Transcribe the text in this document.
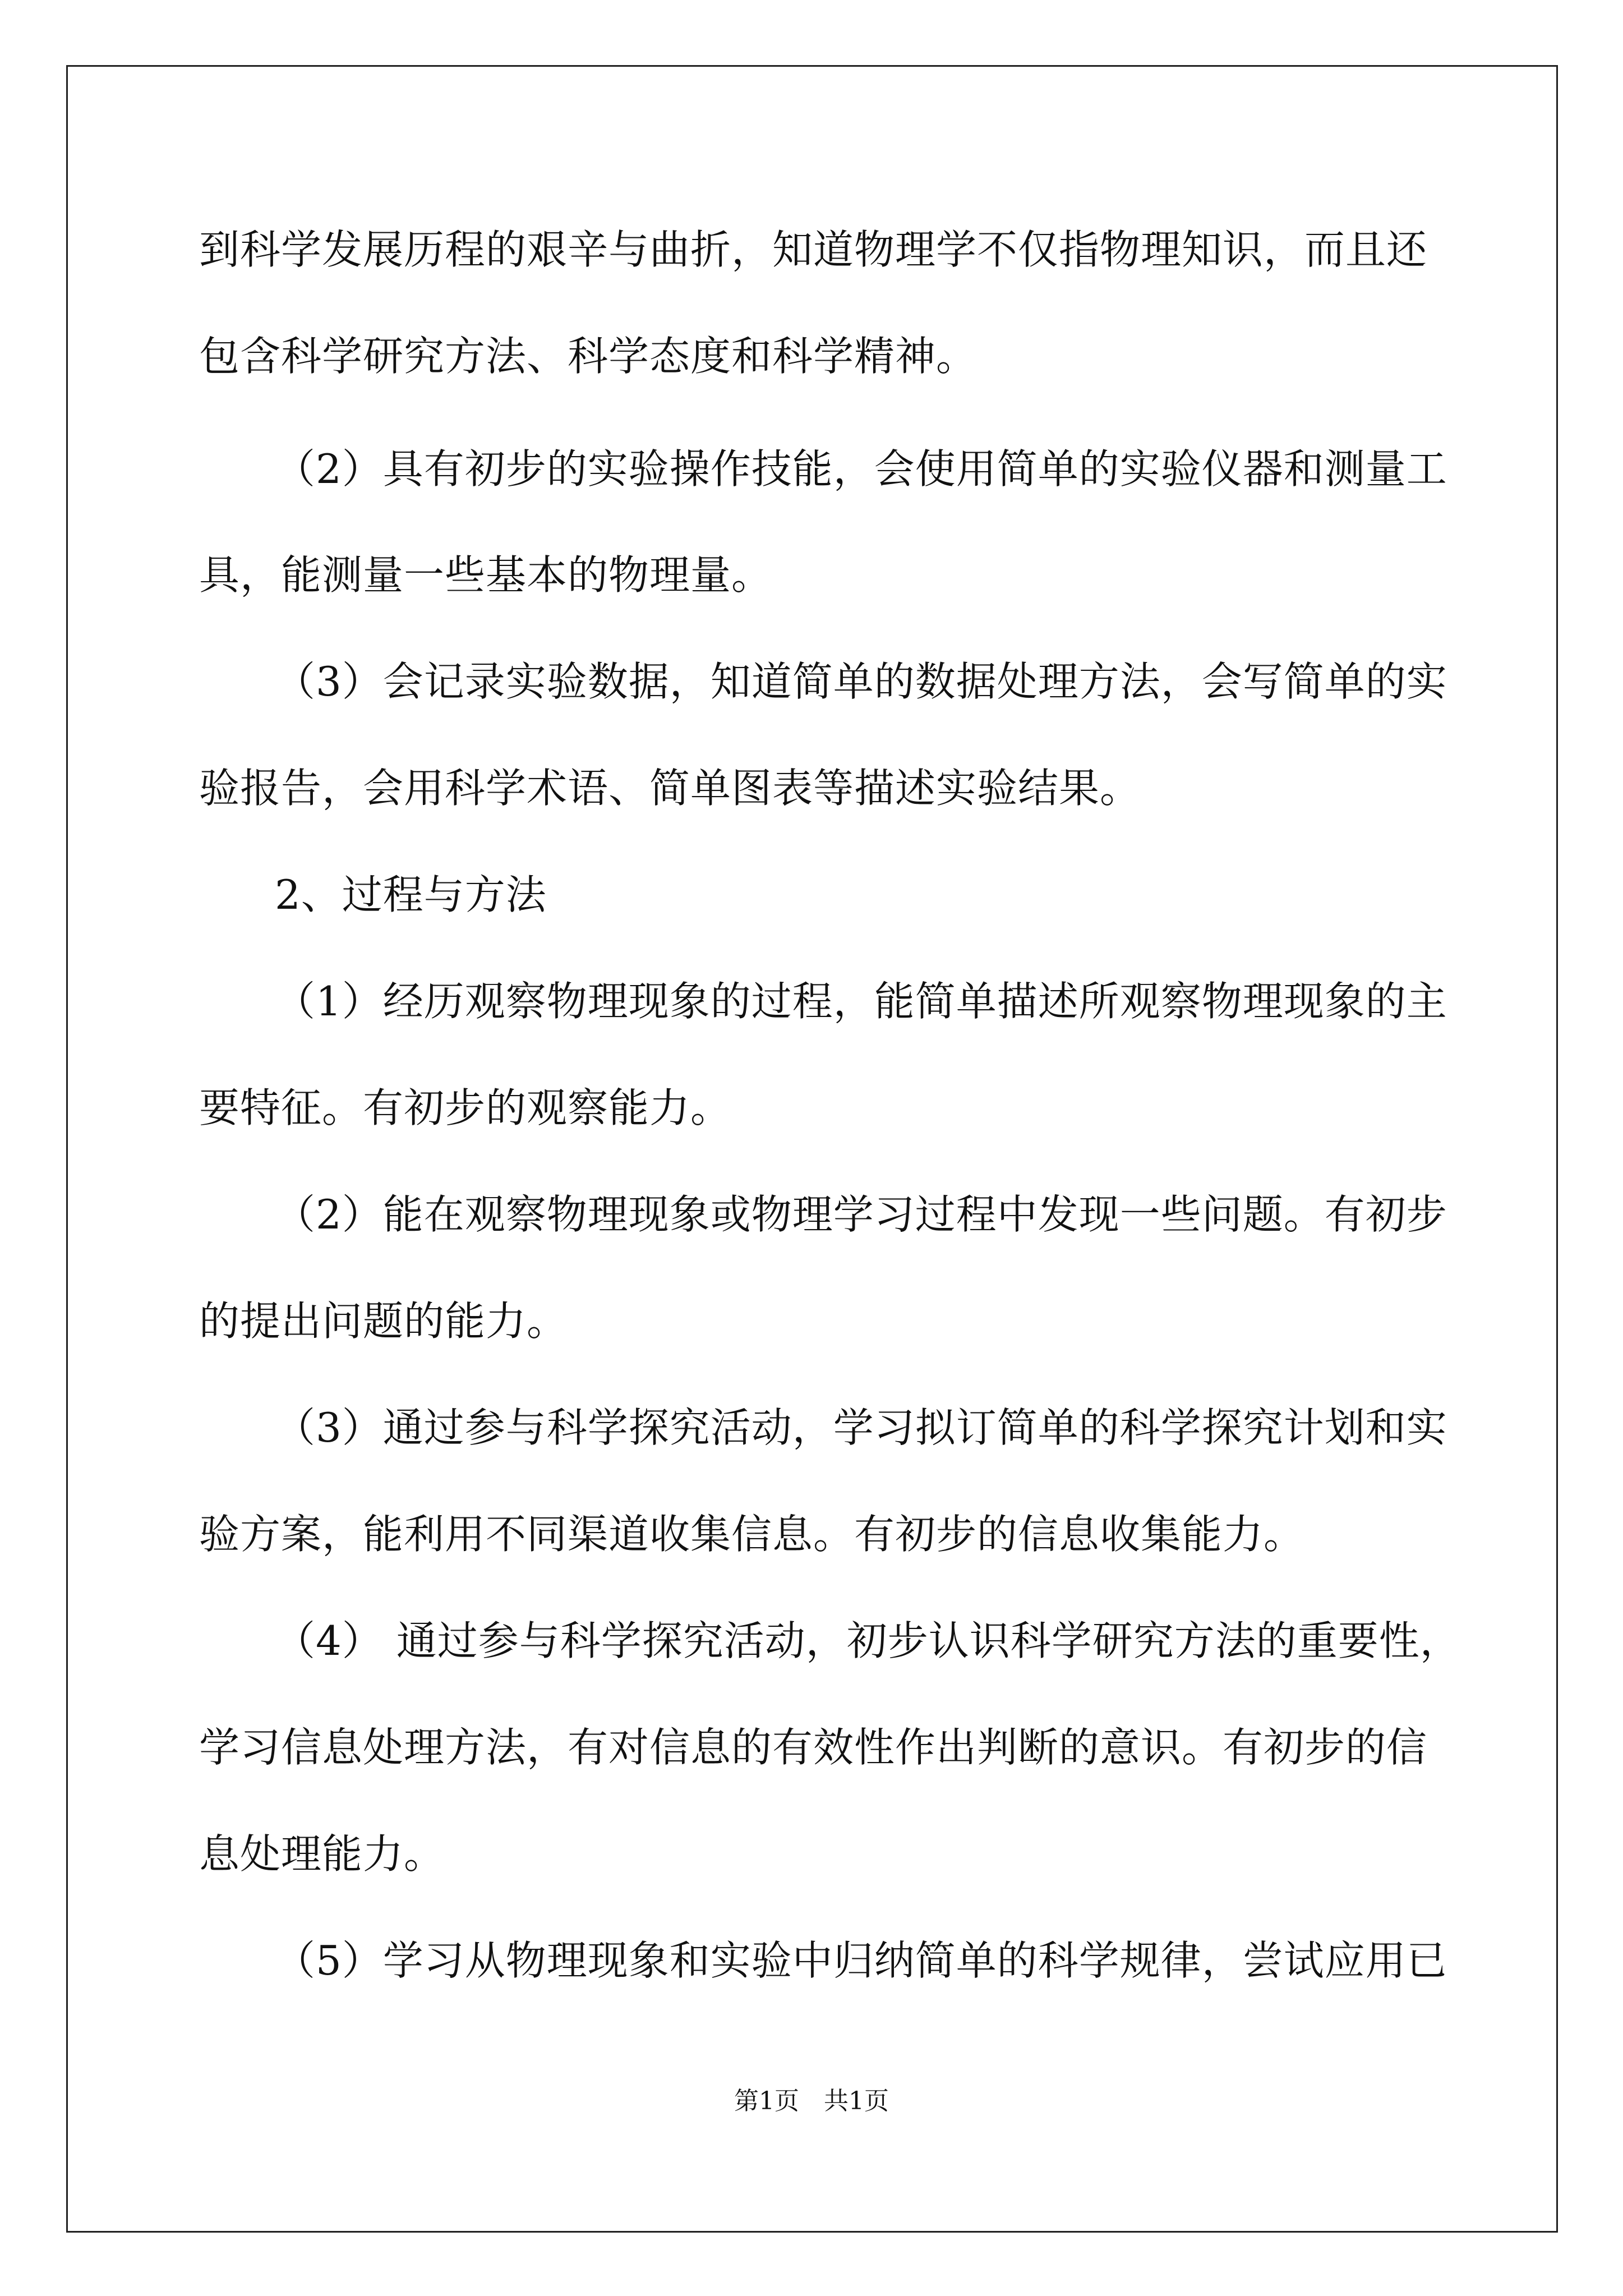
到科学发展历程的艰辛与曲折，知道物理学不仅指物理知识，而且还
包含科学研究方法、科学态度和科学精神。
（2）具有初步的实验操作技能，会使用简单的实验仪器和测量工
具，能测量一些基本的物理量。
（3）会记录实验数据，知道简单的数据处理方法，会写简单的实
验报告，会用科学术语、简单图表等描述实验结果。
2、过程与方法
（1）经历观察物理现象的过程，能简单描述所观察物理现象的主
要特征。有初步的观察能力。
（2）能在观察物理现象或物理学习过程中发现一些问题。有初步
的提出问题的能力。
（3）通过参与科学探究活动，学习拟订简单的科学探究计划和实
验方案，能利用不同渠道收集信息。有初步的信息收集能力。
（4） 通过参与科学探究活动，初步认识科学研究方法的重要性，
学习信息处理方法，有对信息的有效性作出判断的意识。有初步的信
息处理能力。
（5）学习从物理现象和实验中归纳简单的科学规律，尝试应用已
第1页　共1页
